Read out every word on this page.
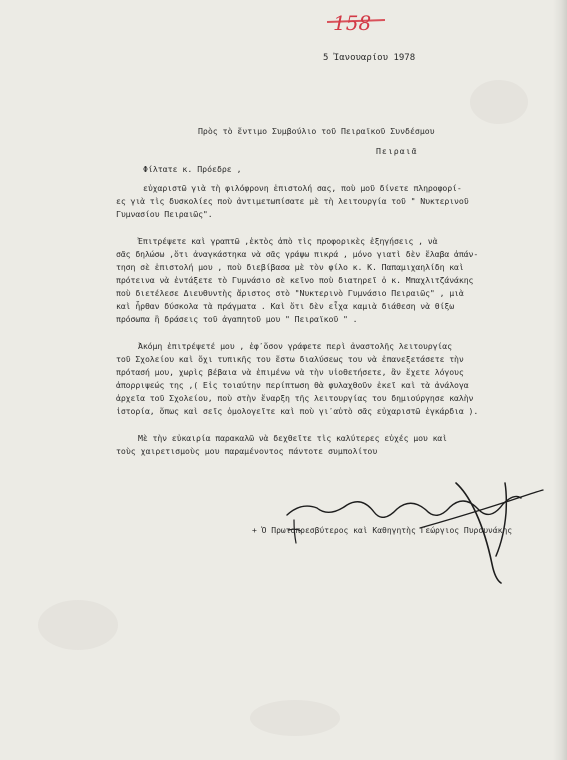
158
5 Ἰανουαρίου 1978
Πρὸς τὸ ἔντιμο Συμβούλιο τοῦ Πειραϊκοῦ Συνδέσμου
Πειραιᾶ
Φίλτατε κ. Πρόεδρε ,
εὐχαριστῶ γιὰ τὴ φιλόφρονη ἐπιστολή σας, ποὺ μοῦ δίνετε πληροφορί-
ες γιὰ τὶς δυσκολίες ποὺ ἀντιμετωπίσατε μὲ τὴ λειτουργία τοῦ " Νυκτερινοῦ
Γυμνασίου Πειραιῶς".
Ἐπιτρέψετε καὶ γραπτῶ ,ἐκτὸς ἀπὸ τὶς προφορικὲς ἐξηγήσεις , νὰ
σᾶς δηλώσω ,ὅτι ἀναγκάστηκα νὰ σᾶς γράψω πικρά , μόνο γιατὶ δὲν ἔλαβα ἀπάν-
τηση σὲ ἐπιστολή μου , ποὺ διεβίβασα μὲ τὸν φίλο κ. Κ. Παπαμιχαηλίδη καὶ
πρότεινα νὰ ἐντάξετε τὸ Γυμνάσιο σὲ κεῖνο ποὺ διατηρεῖ ὁ κ. Μπαχλιτζάνάκης
ποὺ διετέλεσε Διευθυντὴς ἄριστος στὸ "Νυκτερινὸ Γυμνάσιο Πειραιῶς" , μιὰ
καὶ ἦρθαν δύσκολα τὰ πράγματα . Καὶ ὅτι δὲν εἶχα καμιὰ διάθεση νὰ θίξω
πρόσωπα ἢ δράσεις τοῦ ἀγαπητοῦ μου " Πειραϊκοῦ " .
Ἀκόμη ἐπιτρέψετέ μου , ἐφ᾽ὅσον γράφετε περὶ ἀναστολῆς λειτουργίας
τοῦ Σχολείου καὶ ὄχι τυπικῆς του ἔστω διαλύσεως του νὰ ἐπανεξετάσετε τὴν
πρότασή μου, χωρὶς βέβαια νὰ ἐπιμένω νὰ τὴν υἱοθετήσετε, ἂν ἔχετε λόγους
ἀπορριψεώς της ,( Εἰς τοιαύτην περίπτωση θὰ φυλαχθοῦν ἐκεῖ καὶ τὰ ἀνάλογα
ἀρχεῖα τοῦ Σχολείου, ποὺ στὴν ἔναρξη τῆς λειτουργίας του δημιούργησε καλὴν
ἱστορία, ὅπως καὶ σεῖς ὁμολογεῖτε καὶ ποὺ γι᾽αὐτὸ σᾶς εὐχαριστῶ ἐγκάρδια ).
Μὲ τὴν εὐκαιρία παρακαλῶ νὰ δεχθεῖτε τὶς καλύτερες εὐχές μου καὶ
τοὺς χαιρετισμοὺς μου παραμένοντος πάντοτε συμπολίτου
+ Ὁ Πρωτοπρεσβύτερος καὶ Καθηγητὴς Γεώργιος Πυρουνάκης
